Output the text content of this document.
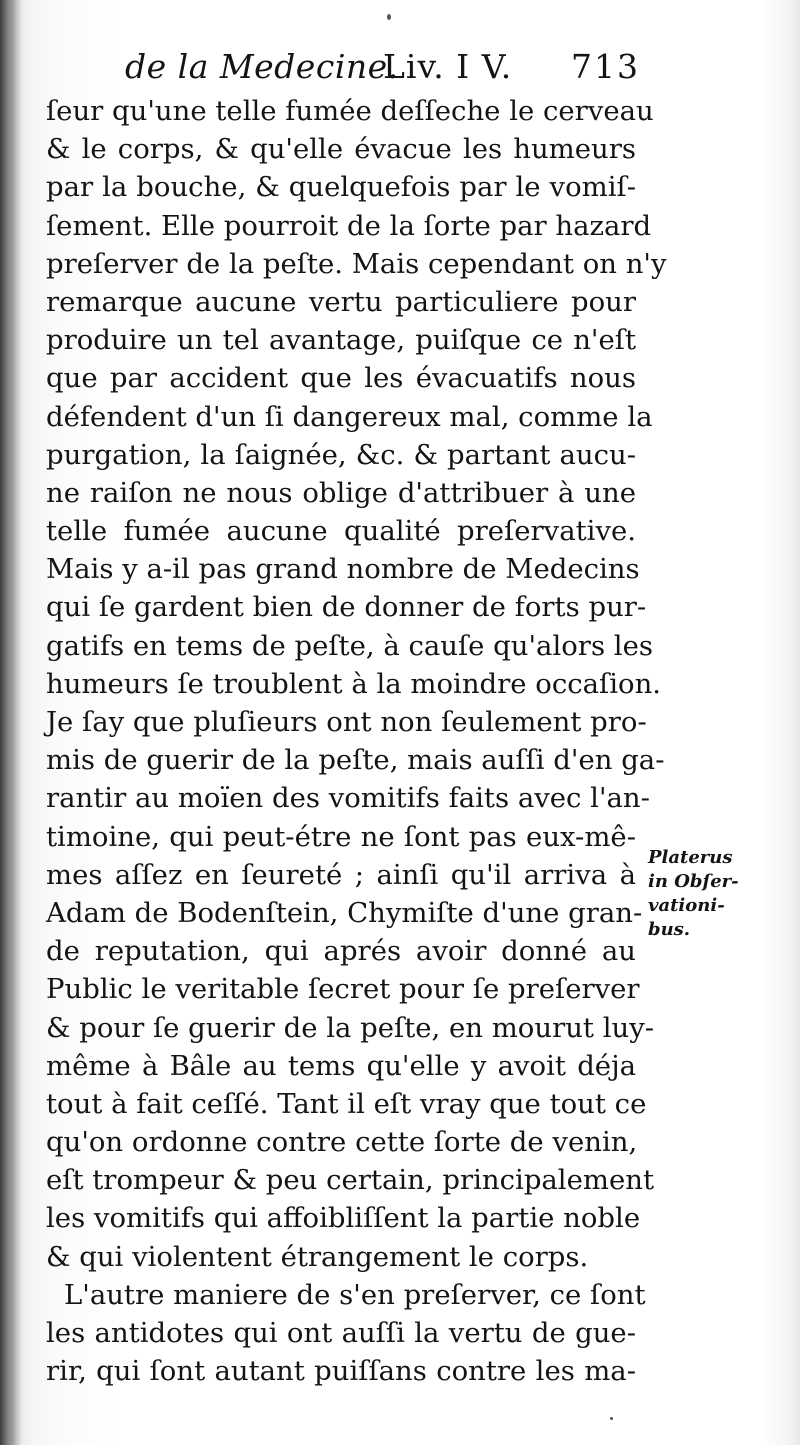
de la Medecine.
Liv. I V. 713
ſeur qu'une telle fumée deſſeche le cerveau
& le corps, & qu'elle évacue les humeurs
par la bouche, & quelquefois par le vomiſ-
ſement. Elle pourroit de la ſorte par hazard
preſerver de la peſte. Mais cependant on n'y
remarque aucune vertu particuliere pour
produire un tel avantage, puiſque ce n'eſt
que par accident que les évacuatifs nous
défendent d'un ſi dangereux mal, comme la
purgation, la ſaignée, &c. & partant aucu-
ne raiſon ne nous oblige d'attribuer à une
telle fumée aucune qualité preſervative.
Mais y a-il pas grand nombre de Medecins
qui ſe gardent bien de donner de forts pur-
gatifs en tems de peſte, à cauſe qu'alors les
humeurs ſe troublent à la moindre occaſion.
Je ſay que pluſieurs ont non ſeulement pro-
mis de guerir de la peſte, mais auſſi d'en ga-
rantir au moïen des vomitifs faits avec l'an-
timoine, qui peut-étre ne ſont pas eux-mê-
mes aſſez en ſeureté ; ainſi qu'il arriva à
Adam de Bodenſtein, Chymiſte d'une gran-
de reputation, qui aprés avoir donné au
Public le veritable ſecret pour ſe preſerver
& pour ſe guerir de la peſte, en mourut luy-
même à Bâle au tems qu'elle y avoit déja
tout à fait ceſſé. Tant il eſt vray que tout ce
qu'on ordonne contre cette ſorte de venin,
eſt trompeur & peu certain, principalement
les vomitifs qui affoibliſſent la partie noble
& qui violentent étrangement le corps.
L'autre maniere de s'en preſerver, ce ſont
les antidotes qui ont auſſi la vertu de gue-
rir, qui ſont autant puiſſans contre les ma-
Platerus
in Obſer-
vationi-
bus.
